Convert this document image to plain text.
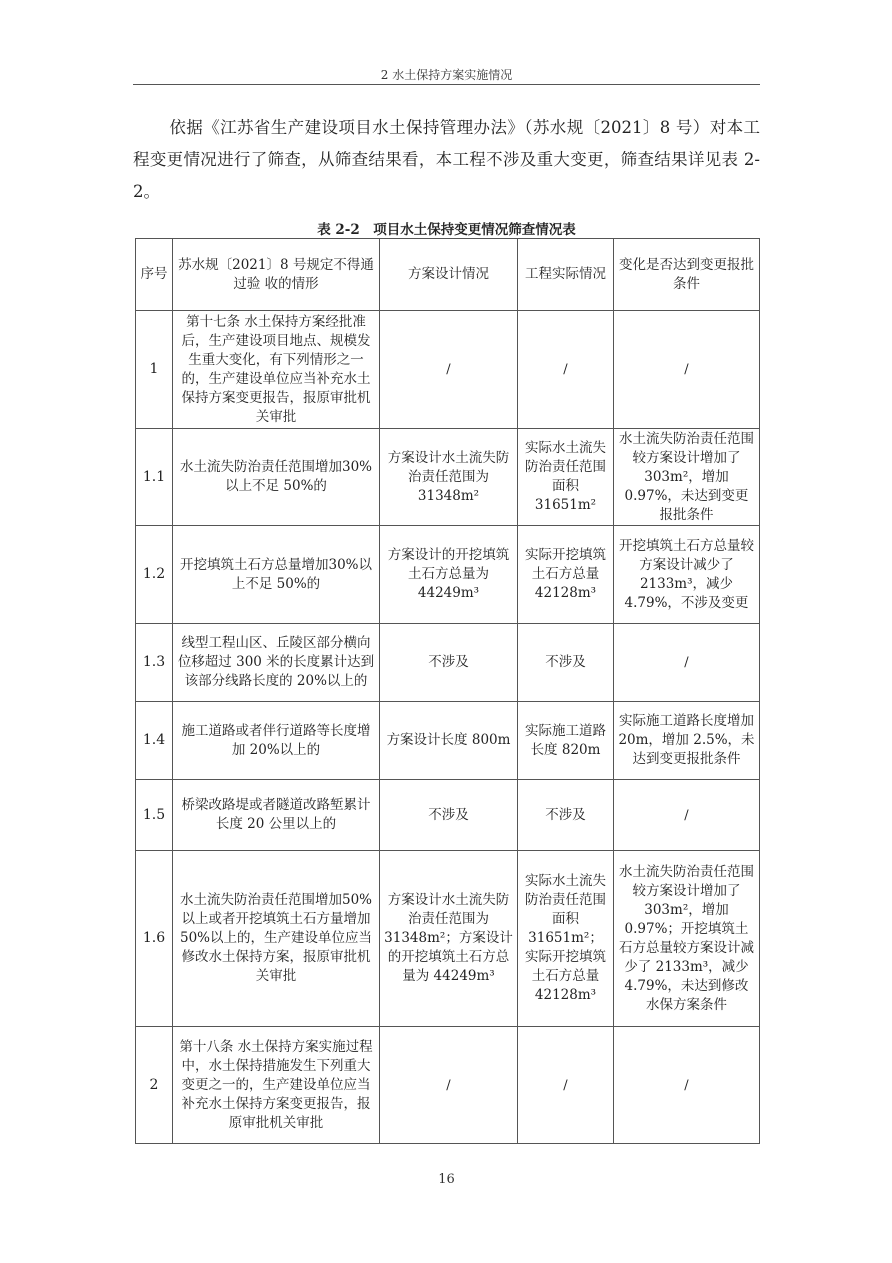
2 水土保持方案实施情况

依据《江苏省生产建设项目水土保持管理办法》（苏水规〔2021〕8 号）对本工程变更情况进行了筛查，从筛查结果看，本工程不涉及重大变更，筛查结果详见表 2-2。

表 2-2　项目水土保持变更情况筛查情况表
序号	苏水规〔2021〕8 号规定不得通过验 收的情形	方案设计情况	工程实际情况	变化是否达到变更报批条件
1	第十七条 水土保持方案经批准后，生产建设项目地点、规模发生重大变化，有下列情形之一的，生产建设单位应当补充水土保持方案变更报告，报原审批机关审批	/	/	/
1.1	水土流失防治责任范围增加30%以上不足 50%的	方案设计水土流失防治责任范围为 31348m²	实际水土流失防治责任范围面积 31651m²	水土流失防治责任范围较方案设计增加了 303m²，增加 0.97%，未达到变更报批条件
1.2	开挖填筑土石方总量增加30%以上不足 50%的	方案设计的开挖填筑土石方总量为 44249m³	实际开挖填筑土石方总量 42128m³	开挖填筑土石方总量较方案设计减少了 2133m³，减少 4.79%，不涉及变更
1.3	线型工程山区、丘陵区部分横向位移超过 300 米的长度累计达到该部分线路长度的 20%以上的	不涉及	不涉及	/
1.4	施工道路或者伴行道路等长度增加 20%以上的	方案设计长度 800m	实际施工道路长度 820m	实际施工道路长度增加 20m，增加 2.5%，未达到变更报批条件
1.5	桥梁改路堤或者隧道改路堑累计长度 20 公里以上的	不涉及	不涉及	/
1.6	水土流失防治责任范围增加50%以上或者开挖填筑土石方量增加 50%以上的，生产建设单位应当修改水土保持方案，报原审批机关审批	方案设计水土流失防治责任范围为 31348m²；方案设计的开挖填筑土石方总量为 44249m³	实际水土流失防治责任范围面积 31651m²；实际开挖填筑土石方总量 42128m³	水土流失防治责任范围较方案设计增加了 303m²，增加 0.97%；开挖填筑土石方总量较方案设计减少了 2133m³，减少 4.79%，未达到修改水保方案条件
2	第十八条 水土保持方案实施过程中，水土保持措施发生下列重大变更之一的，生产建设单位应当补充水土保持方案变更报告，报原审批机关审批	/	/	/
16
